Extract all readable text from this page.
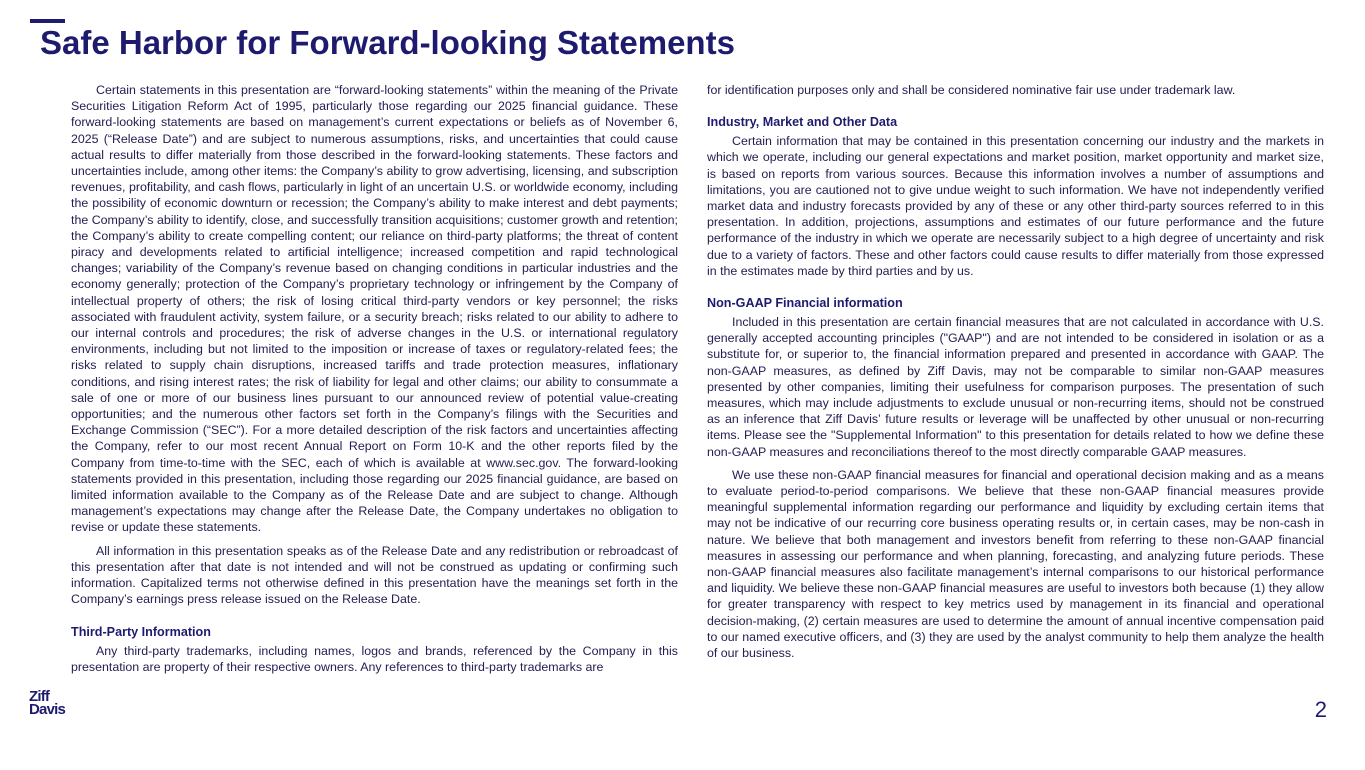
Safe Harbor for Forward-looking Statements

Certain statements in this presentation are “forward-looking statements” within the meaning of the Private Securities Litigation Reform Act of 1995, particularly those regarding our 2025 financial guidance. These forward-looking statements are based on management’s current expectations or beliefs as of November 6, 2025 (“Release Date”) and are subject to numerous assumptions, risks, and uncertainties that could cause actual results to differ materially from those described in the forward-looking statements. These factors and uncertainties include, among other items: the Company’s ability to grow advertising, licensing, and subscription revenues, profitability, and cash flows, particularly in light of an uncertain U.S. or worldwide economy, including the possibility of economic downturn or recession; the Company’s ability to make interest and debt payments; the Company’s ability to identify, close, and successfully transition acquisitions; customer growth and retention; the Company’s ability to create compelling content; our reliance on third-party platforms; the threat of content piracy and developments related to artificial intelligence; increased competition and rapid technological changes; variability of the Company’s revenue based on changing conditions in particular industries and the economy generally; protection of the Company’s proprietary technology or infringement by the Company of intellectual property of others; the risk of losing critical third-party vendors or key personnel; the risks associated with fraudulent activity, system failure, or a security breach; risks related to our ability to adhere to our internal controls and procedures; the risk of adverse changes in the U.S. or international regulatory environments, including but not limited to the imposition or increase of taxes or regulatory-related fees; the risks related to supply chain disruptions, increased tariffs and trade protection measures, inflationary conditions, and rising interest rates; the risk of liability for legal and other claims; our ability to consummate a sale of one or more of our business lines pursuant to our announced review of potential value-creating opportunities; and the numerous other factors set forth in the Company’s filings with the Securities and Exchange Commission (“SEC”). For a more detailed description of the risk factors and uncertainties affecting the Company, refer to our most recent Annual Report on Form 10-K and the other reports filed by the Company from time-to-time with the SEC, each of which is available at www.sec.gov. The forward-looking statements provided in this presentation, including those regarding our 2025 financial guidance, are based on limited information available to the Company as of the Release Date and are subject to change. Although management’s expectations may change after the Release Date, the Company undertakes no obligation to revise or update these statements.

All information in this presentation speaks as of the Release Date and any redistribution or rebroadcast of this presentation after that date is not intended and will not be construed as updating or confirming such information. Capitalized terms not otherwise defined in this presentation have the meanings set forth in the Company’s earnings press release issued on the Release Date.

Third-Party Information

Any third-party trademarks, including names, logos and brands, referenced by the Company in this presentation are property of their respective owners. Any references to third-party trademarks are

for identification purposes only and shall be considered nominative fair use under trademark law.

Industry, Market and Other Data

Certain information that may be contained in this presentation concerning our industry and the markets in which we operate, including our general expectations and market position, market opportunity and market size, is based on reports from various sources. Because this information involves a number of assumptions and limitations, you are cautioned not to give undue weight to such information. We have not independently verified market data and industry forecasts provided by any of these or any other third-party sources referred to in this presentation. In addition, projections, assumptions and estimates of our future performance and the future performance of the industry in which we operate are necessarily subject to a high degree of uncertainty and risk due to a variety of factors. These and other factors could cause results to differ materially from those expressed in the estimates made by third parties and by us.

Non-GAAP Financial information

Included in this presentation are certain financial measures that are not calculated in accordance with U.S. generally accepted accounting principles ("GAAP") and are not intended to be considered in isolation or as a substitute for, or superior to, the financial information prepared and presented in accordance with GAAP. The non-GAAP measures, as defined by Ziff Davis, may not be comparable to similar non-GAAP measures presented by other companies, limiting their usefulness for comparison purposes. The presentation of such measures, which may include adjustments to exclude unusual or non-recurring items, should not be construed as an inference that Ziff Davis’ future results or leverage will be unaffected by other unusual or non-recurring items. Please see the "Supplemental Information" to this presentation for details related to how we define these non-GAAP measures and reconciliations thereof to the most directly comparable GAAP measures.

We use these non-GAAP financial measures for financial and operational decision making and as a means to evaluate period-to-period comparisons. We believe that these non-GAAP financial measures provide meaningful supplemental information regarding our performance and liquidity by excluding certain items that may not be indicative of our recurring core business operating results or, in certain cases, may be non-cash in nature. We believe that both management and investors benefit from referring to these non-GAAP financial measures in assessing our performance and when planning, forecasting, and analyzing future periods. These non-GAAP financial measures also facilitate management’s internal comparisons to our historical performance and liquidity. We believe these non-GAAP financial measures are useful to investors both because (1) they allow for greater transparency with respect to key metrics used by management in its financial and operational decision-making, (2) certain measures are used to determine the amount of annual incentive compensation paid to our named executive officers, and (3) they are used by the analyst community to help them analyze the health of our business.

Ziff
Davis	2
